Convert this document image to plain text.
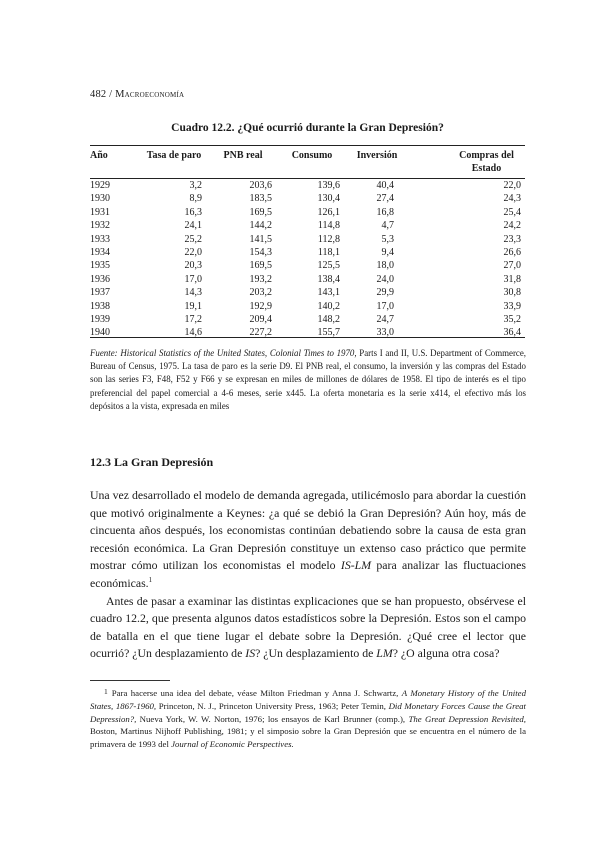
482 / Macroeconomía
Cuadro 12.2. ¿Qué ocurrió durante la Gran Depresión?
Año	Tasa de paro	PNB real	Consumo	Inversión	Compras del Estado
1929	3,2	203,6	139,6	40,4	22,0
1930	8,9	183,5	130,4	27,4	24,3
1931	16,3	169,5	126,1	16,8	25,4
1932	24,1	144,2	114,8	4,7	24,2
1933	25,2	141,5	112,8	5,3	23,3
1934	22,0	154,3	118,1	9,4	26,6
1935	20,3	169,5	125,5	18,0	27,0
1936	17,0	193,2	138,4	24,0	31,8
1937	14,3	203,2	143,1	29,9	30,8
1938	19,1	192,9	140,2	17,0	33,9
1939	17,2	209,4	148,2	24,7	35,2
1940	14,6	227,2	155,7	33,0	36,4
Fuente: Historical Statistics of the United States, Colonial Times to 1970, Parts I and II, U.S. Department of Commerce, Bureau of Census, 1975. La tasa de paro es la serie D9. El PNB real, el consumo, la inversión y las compras del Estado son las series F3, F48, F52 y F66 y se expresan en miles de millones de dólares de 1958. El tipo de interés es el tipo preferencial del papel comercial a 4-6 meses, serie x445. La oferta monetaria es la serie x414, el efectivo más los depósitos a la vista, expresada en miles
12.3 La Gran Depresión

Una vez desarrollado el modelo de demanda agregada, utilicémoslo para abordar la cuestión que motivó originalmente a Keynes: ¿a qué se debió la Gran Depresión? Aún hoy, más de cincuenta años después, los economistas continúan debatiendo sobre la causa de esta gran recesión económica. La Gran Depresión constituye un extenso caso práctico que permite mostrar cómo utilizan los economistas el modelo IS-LM para analizar las fluctuaciones económicas.$^1$

Antes de pasar a examinar las distintas explicaciones que se han propuesto, obsérvese el cuadro 12.2, que presenta algunos datos estadísticos sobre la Depresión. Estos son el campo de batalla en el que tiene lugar el debate sobre la Depresión. ¿Qué cree el lector que ocurrió? ¿Un desplazamiento de IS? ¿Un desplazamiento de LM? ¿O alguna otra cosa?

1 Para hacerse una idea del debate, véase Milton Friedman y Anna J. Schwartz, A Monetary History of the United States, 1867-1960, Princeton, N. J., Princeton University Press, 1963; Peter Temin, Did Monetary Forces Cause the Great Depression?, Nueva York, W. W. Norton, 1976; los ensayos de Karl Brunner (comp.), The Great Depression Revisited, Boston, Martinus Nijhoff Publishing, 1981; y el simposio sobre la Gran Depresión que se encuentra en el número de la primavera de 1993 del Journal of Economic Perspectives.
